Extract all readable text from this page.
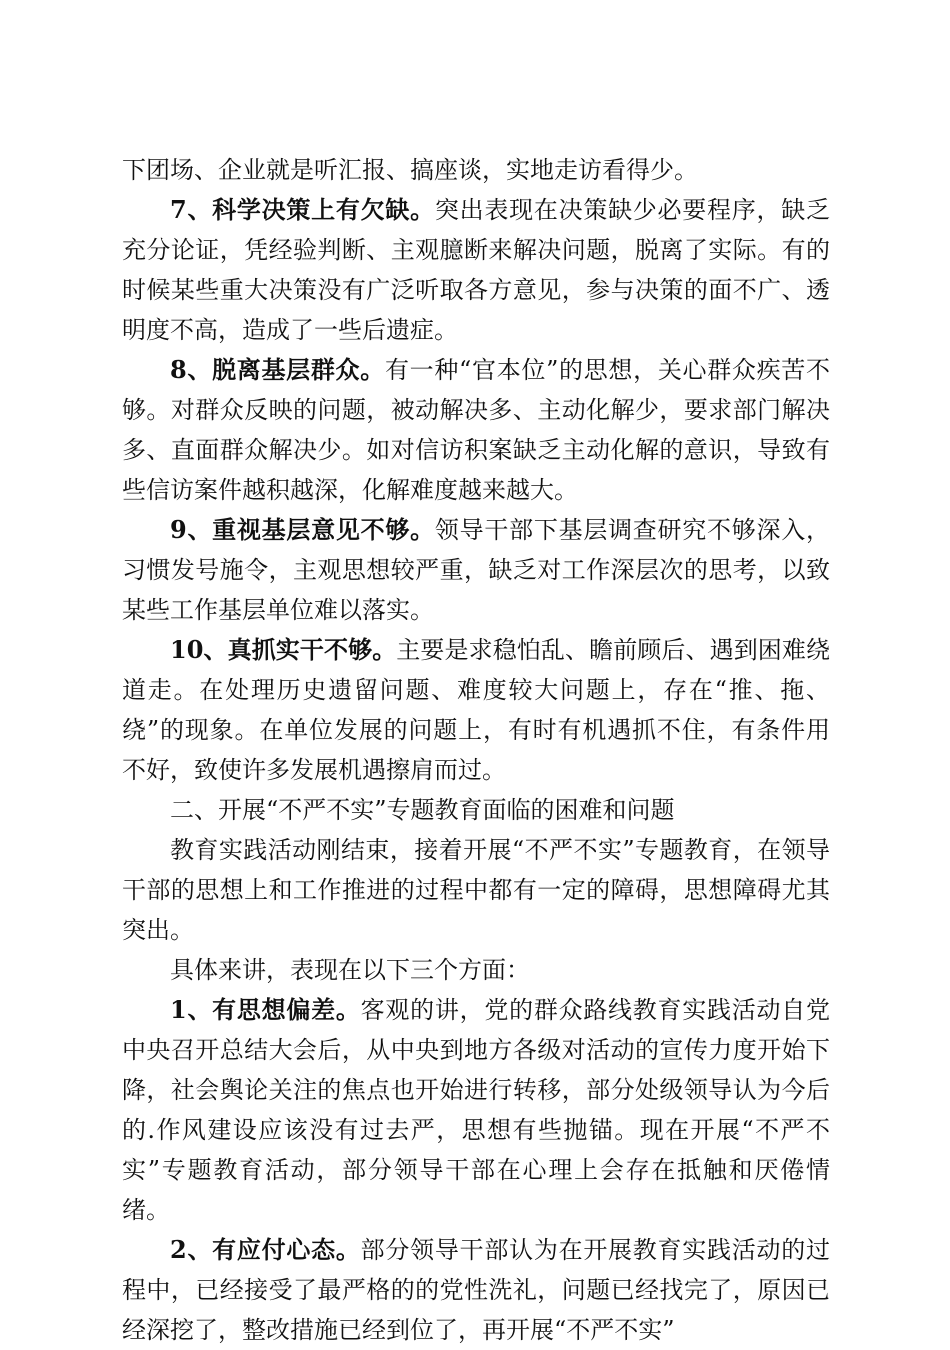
下团场、企业就是听汇报、搞座谈，实地走访看得少。

7、科学决策上有欠缺。突出表现在决策缺少必要程序，缺乏充分论证，凭经验判断、主观臆断来解决问题，脱离了实际。有的时候某些重大决策没有广泛听取各方意见，参与决策的面不广、透明度不高，造成了一些后遗症。

8、脱离基层群众。有一种“官本位”的思想，关心群众疾苦不够。对群众反映的问题，被动解决多、主动化解少，要求部门解决多、直面群众解决少。如对信访积案缺乏主动化解的意识，导致有些信访案件越积越深，化解难度越来越大。

9、重视基层意见不够。领导干部下基层调查研究不够深入，习惯发号施令，主观思想较严重，缺乏对工作深层次的思考，以致某些工作基层单位难以落实。

10、真抓实干不够。主要是求稳怕乱、瞻前顾后、遇到困难绕道走。在处理历史遗留问题、难度较大问题上，存在“推、拖、绕”的现象。在单位发展的问题上，有时有机遇抓不住，有条件用不好，致使许多发展机遇擦肩而过。

二、开展“不严不实”专题教育面临的困难和问题

教育实践活动刚结束，接着开展“不严不实”专题教育，在领导干部的思想上和工作推进的过程中都有一定的障碍，思想障碍尤其突出。

具体来讲，表现在以下三个方面：

1、有思想偏差。客观的讲，党的群众路线教育实践活动自党中央召开总结大会后，从中央到地方各级对活动的宣传力度开始下降，社会舆论关注的焦点也开始进行转移，部分处级领导认为今后的.作风建设应该没有过去严，思想有些抛锚。现在开展“不严不实”专题教育活动，部分领导干部在心理上会存在抵触和厌倦情绪。

2、有应付心态。部分领导干部认为在开展教育实践活动的过程中，已经接受了最严格的的党性洗礼，问题已经找完了，原因已经深挖了，整改措施已经到位了，再开展“不严不实”
